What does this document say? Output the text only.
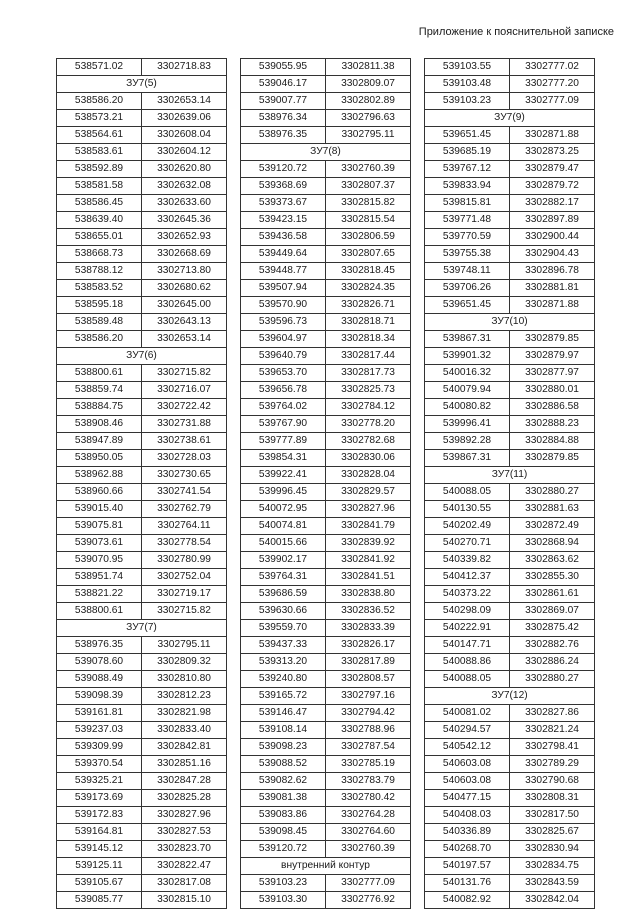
Приложение к пояснительной записке
538571.02	3302718.83
ЗУ7(5)	
538586.20	3302653.14
538573.21	3302639.06
538564.61	3302608.04
538583.61	3302604.12
538592.89	3302620.80
538581.58	3302632.08
538586.45	3302633.60
538639.40	3302645.36
538655.01	3302652.93
538668.73	3302668.69
538788.12	3302713.80
538583.52	3302680.62
538595.18	3302645.00
538589.48	3302643.13
538586.20	3302653.14
ЗУ7(6)	
538800.61	3302715.82
538859.74	3302716.07
538884.75	3302722.42
538908.46	3302731.88
538947.89	3302738.61
538950.05	3302728.03
538962.88	3302730.65
538960.66	3302741.54
539015.40	3302762.79
539075.81	3302764.11
539073.61	3302778.54
539070.95	3302780.99
538951.74	3302752.04
538821.22	3302719.17
538800.61	3302715.82
ЗУ7(7)	
538976.35	3302795.11
539078.60	3302809.32
539088.49	3302810.80
539098.39	3302812.23
539161.81	3302821.98
539237.03	3302833.40
539309.99	3302842.81
539370.54	3302851.16
539325.21	3302847.28
539173.69	3302825.28
539172.83	3302827.96
539164.81	3302827.53
539145.12	3302823.70
539125.11	3302822.47
539105.67	3302817.08
539085.77	3302815.10
539055.95	3302811.38
539046.17	3302809.07
539007.77	3302802.89
538976.34	3302796.63
538976.35	3302795.11
ЗУ7(8)	
539120.72	3302760.39
539368.69	3302807.37
539373.67	3302815.82
539423.15	3302815.54
539436.58	3302806.59
539449.64	3302807.65
539448.77	3302818.45
539507.94	3302824.35
539570.90	3302826.71
539596.73	3302818.71
539604.97	3302818.34
539640.79	3302817.44
539653.70	3302817.73
539656.78	3302825.73
539764.02	3302784.12
539767.90	3302778.20
539777.89	3302782.68
539854.31	3302830.06
539922.41	3302828.04
539996.45	3302829.57
540072.95	3302827.96
540074.81	3302841.79
540015.66	3302839.92
539902.17	3302841.92
539764.31	3302841.51
539686.59	3302838.80
539630.66	3302836.52
539559.70	3302833.39
539437.33	3302826.17
539313.20	3302817.89
539240.80	3302808.57
539165.72	3302797.16
539146.47	3302794.42
539108.14	3302788.96
539098.23	3302787.54
539088.52	3302785.19
539082.62	3302783.79
539081.38	3302780.42
539083.86	3302764.28
539098.45	3302764.60
539120.72	3302760.39
внутренний контур	
539103.23	3302777.09
539103.30	3302776.92
539103.55	3302777.02
539103.48	3302777.20
539103.23	3302777.09
ЗУ7(9)	
539651.45	3302871.88
539685.19	3302873.25
539767.12	3302879.47
539833.94	3302879.72
539815.81	3302882.17
539771.48	3302897.89
539770.59	3302900.44
539755.38	3302904.43
539748.11	3302896.78
539706.26	3302881.81
539651.45	3302871.88
ЗУ7(10)	
539867.31	3302879.85
539901.32	3302879.97
540016.32	3302877.97
540079.94	3302880.01
540080.82	3302886.58
539996.41	3302888.23
539892.28	3302884.88
539867.31	3302879.85
ЗУ7(11)	
540088.05	3302880.27
540130.55	3302881.63
540202.49	3302872.49
540270.71	3302868.94
540339.82	3302863.62
540412.37	3302855.30
540373.22	3302861.61
540298.09	3302869.07
540222.91	3302875.42
540147.71	3302882.76
540088.86	3302886.24
540088.05	3302880.27
ЗУ7(12)	
540081.02	3302827.86
540294.57	3302821.24
540542.12	3302798.41
540603.08	3302789.29
540603.08	3302790.68
540477.15	3302808.31
540408.03	3302817.50
540336.89	3302825.67
540268.70	3302830.94
540197.57	3302834.75
540131.76	3302843.59
540082.92	3302842.04
